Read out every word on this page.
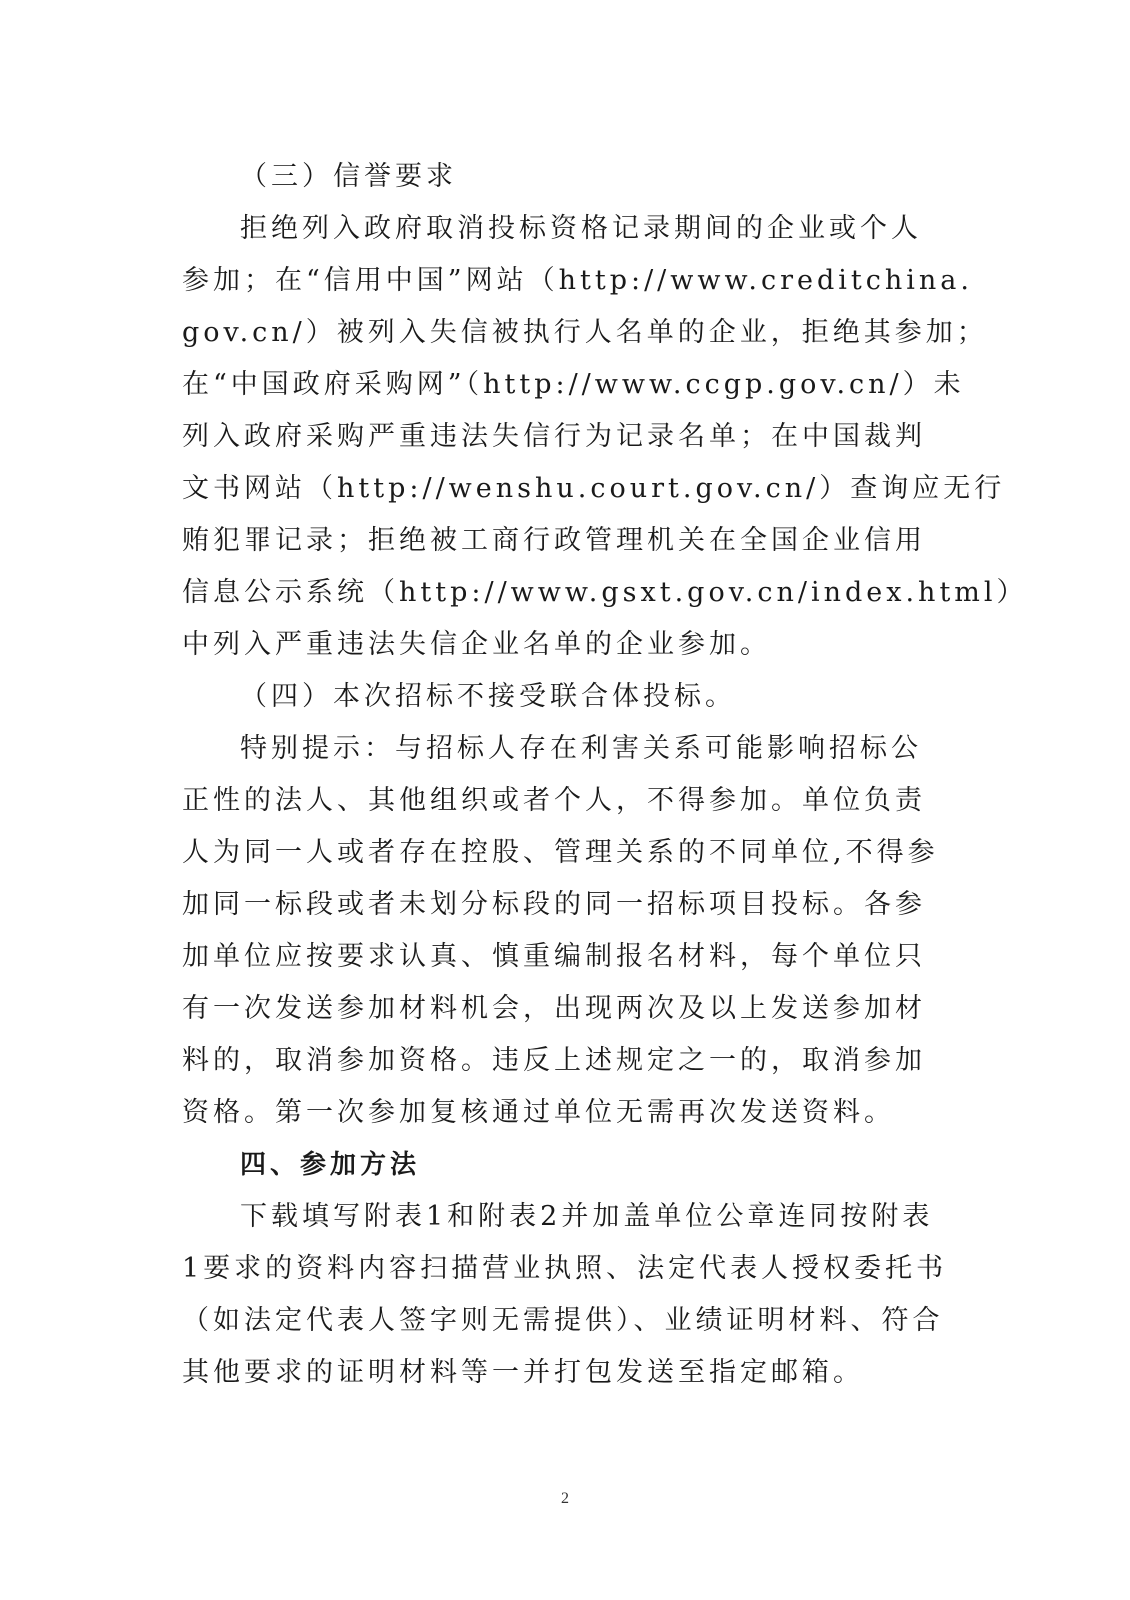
（三）信誉要求
拒绝列入政府取消投标资格记录期间的企业或个人
参加；在“信用中国”网站（http://www.creditchina.
gov.cn/）被列入失信被执行人名单的企业，拒绝其参加；
在“中国政府采购网”（http://www.ccgp.gov.cn/）未
列入政府采购严重违法失信行为记录名单；在中国裁判
文书网站（http://wenshu.court.gov.cn/）查询应无行
贿犯罪记录；拒绝被工商行政管理机关在全国企业信用
信息公示系统（http://www.gsxt.gov.cn/index.html）
中列入严重违法失信企业名单的企业参加。
（四）本次招标不接受联合体投标。
特别提示：与招标人存在利害关系可能影响招标公
正性的法人、其他组织或者个人，不得参加。单位负责
人为同一人或者存在控股、管理关系的不同单位,不得参
加同一标段或者未划分标段的同一招标项目投标。各参
加单位应按要求认真、慎重编制报名材料，每个单位只
有一次发送参加材料机会，出现两次及以上发送参加材
料的，取消参加资格。违反上述规定之一的，取消参加
资格。第一次参加复核通过单位无需再次发送资料。
四、参加方法
下载填写附表1和附表2并加盖单位公章连同按附表
1要求的资料内容扫描营业执照、法定代表人授权委托书
（如法定代表人签字则无需提供）、业绩证明材料、符合
其他要求的证明材料等一并打包发送至指定邮箱。
2
